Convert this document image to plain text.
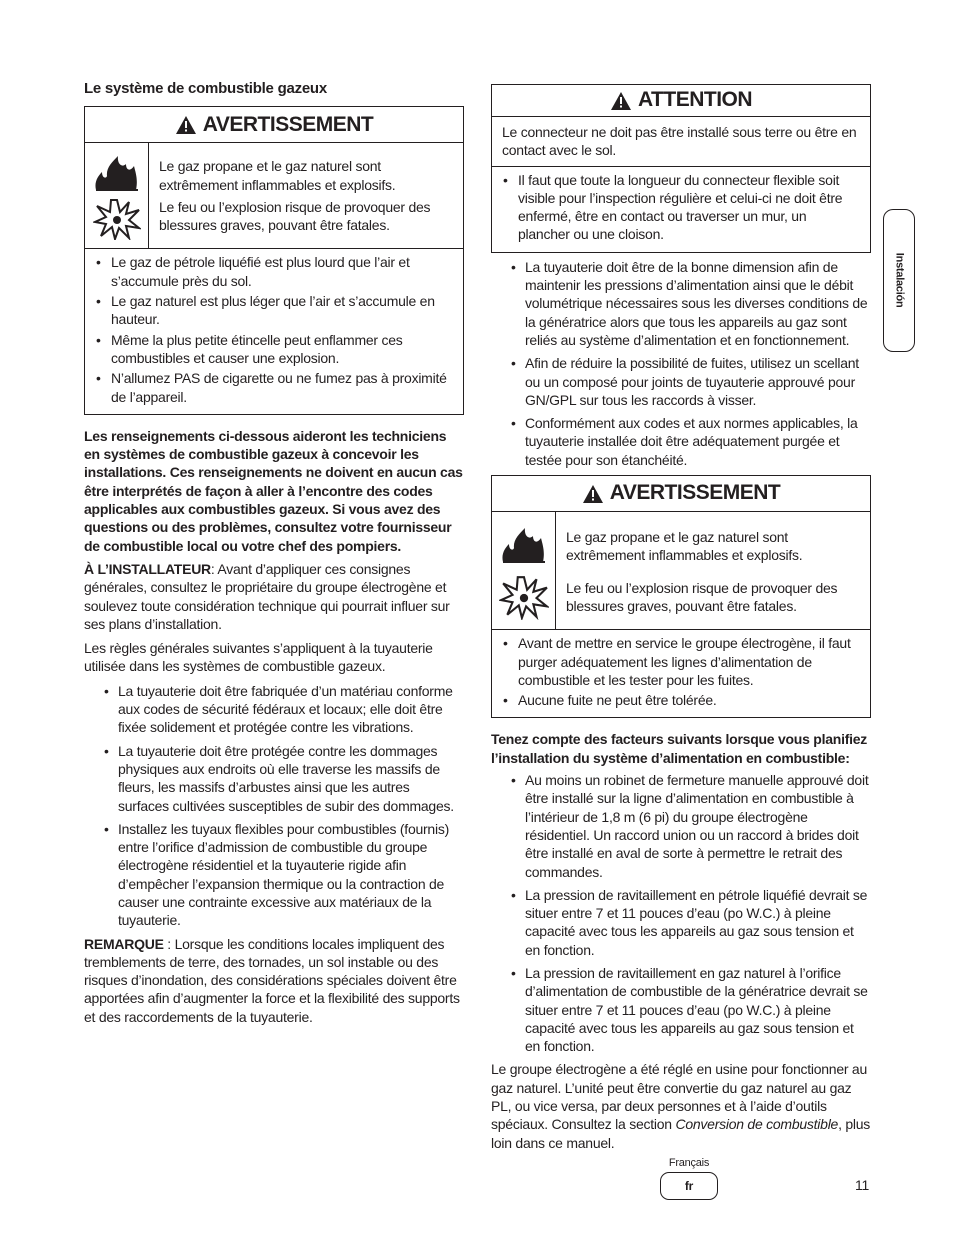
Le système de combustible gazeux
AVERTISSEMENT

Le gaz propane et le gaz naturel sont extrêmement inflammables et explosifs.

Le feu ou l’explosion risque de provoquer des blessures graves, pouvant être fatales.

• Le gaz de pétrole liquéfié est plus lourd que l’air et s’accumule près du sol.
• Le gaz naturel est plus léger que l’air et s’accumule en hauteur.
• Même la plus petite étincelle peut enflammer ces combustibles et causer une explosion.
• N’allumez PAS de cigarette ou ne fumez pas à proximité de l’appareil.

Les renseignements ci-dessous aideront les techniciens en systèmes de combustible gazeux à concevoir les installations. Ces renseignements ne doivent en aucun cas être interprétés de façon à aller à l’encontre des codes applicables aux combustibles gazeux. Si vous avez des questions ou des problèmes, consultez votre fournisseur de combustible local ou votre chef des pompiers.

À L’INSTALLATEUR: Avant d’appliquer ces consignes générales, consultez le propriétaire du groupe électrogène et soulevez toute considération technique qui pourrait influer sur ses plans d’installation.

Les règles générales suivantes s’appliquent à la tuyauterie utilisée dans les systèmes de combustible gazeux.

• La tuyauterie doit être fabriquée d’un matériau conforme aux codes de sécurité fédéraux et locaux; elle doit être fixée solidement et protégée contre les vibrations.
• La tuyauterie doit être protégée contre les dommages physiques aux endroits où elle traverse les massifs de fleurs, les massifs d’arbustes ainsi que les autres surfaces cultivées susceptibles de subir des dommages.
• Installez les tuyaux flexibles pour combustibles (fournis) entre l’orifice d’admission de combustible du groupe électrogène résidentiel et la tuyauterie rigide afin d’empêcher l’expansion thermique ou la contraction de causer une contrainte excessive aux matériaux de la tuyauterie.

REMARQUE : Lorsque les conditions locales impliquent des tremblements de terre, des tornades, un sol instable ou des risques d’inondation, des considérations spéciales doivent être apportées afin d’augmenter la force et la flexibilité des supports et des raccordements de la tuyauterie.

ATTENTION
Le connecteur ne doit pas être installé sous terre ou être en contact avec le sol.
• Il faut que toute la longueur du connecteur flexible soit visible pour l’inspection régulière et celui-ci ne doit être enfermé, être en contact ou traverser un mur, un plancher ou une cloison.
• La tuyauterie doit être de la bonne dimension afin de maintenir les pressions d’alimentation ainsi que le débit volumétrique nécessaires sous les diverses conditions de la génératrice alors que tous les appareils au gaz sont reliés au système d’alimentation et en fonctionnement.
• Afin de réduire la possibilité de fuites, utilisez un scellant ou un composé pour joints de tuyauterie approuvé pour GN/GPL sur tous les raccords à visser.
• Conformément aux codes et aux normes applicables, la tuyauterie installée doit être adéquatement purgée et testée pour son étanchéité.
AVERTISSEMENT

Le gaz propane et le gaz naturel sont extrêmement inflammables et explosifs.

Le feu ou l’explosion risque de provoquer des blessures graves, pouvant être fatales.

• Avant de mettre en service le groupe électrogène, il faut purger adéquatement les lignes d’alimentation de combustible et les tester pour les fuites.
• Aucune fuite ne peut être tolérée.

Tenez compte des facteurs suivants lorsque vous planifiez l’installation du système d’alimentation en combustible:

• Au moins un robinet de fermeture manuelle approuvé doit être installé sur la ligne d’alimentation en combustible à l’intérieur de 1,8 m (6 pi) du groupe électrogène résidentiel. Un raccord union ou un raccord à brides doit être installé en aval de sorte à permettre le retrait des commandes.
• La pression de ravitaillement en pétrole liquéfié devrait se situer entre 7 et 11 pouces d’eau (po W.C.) à pleine capacité avec tous les appareils au gaz sous tension et en fonction.
• La pression de ravitaillement en gaz naturel à l’orifice d’alimentation de combustible de la génératrice devrait se situer entre 7 et 11 pouces d’eau (po W.C.) à pleine capacité avec tous les appareils au gaz sous tension et en fonction.

Le groupe électrogène a été réglé en usine pour fonctionner au gaz naturel. L’unité peut être convertie du gaz naturel au gaz PL, ou vice versa, par deux personnes et à l’aide d’outils spéciaux. Consultez la section Conversion de combustible, plus loin dans ce manuel.

Instalación
Français
fr	11
